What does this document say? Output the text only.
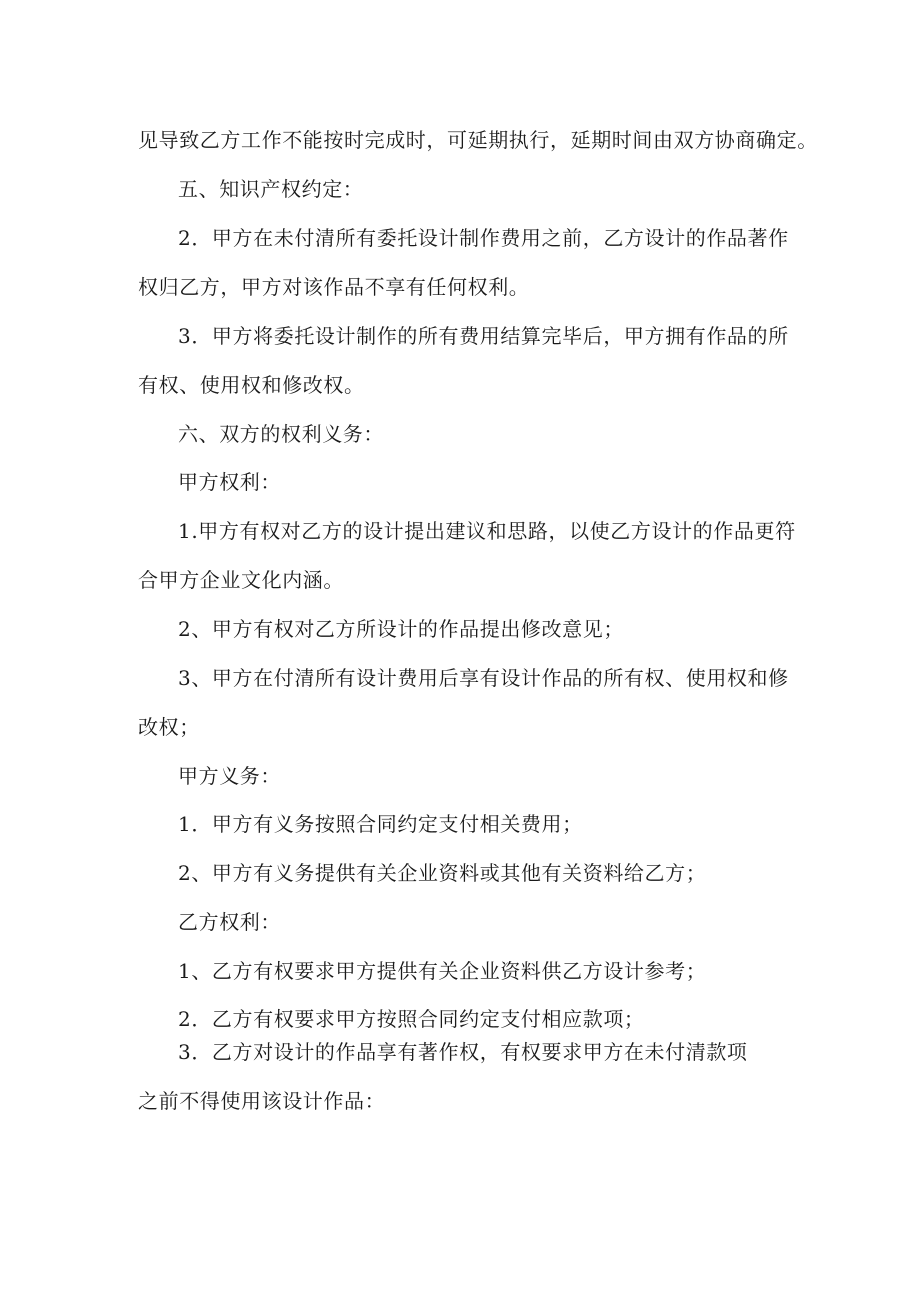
见导致乙方工作不能按时完成时，可延期执行，延期时间由双方协商确定。
五、知识产权约定：
2．甲方在未付清所有委托设计制作费用之前，乙方设计的作品著作
权归乙方，甲方对该作品不享有任何权利。
3．甲方将委托设计制作的所有费用结算完毕后，甲方拥有作品的所
有权、使用权和修改权。
六、双方的权利义务：
甲方权利：
1.甲方有权对乙方的设计提出建议和思路，以使乙方设计的作品更符
合甲方企业文化内涵。
2、甲方有权对乙方所设计的作品提出修改意见；
3、甲方在付清所有设计费用后享有设计作品的所有权、使用权和修
改权；
甲方义务：
1．甲方有义务按照合同约定支付相关费用；
2、甲方有义务提供有关企业资料或其他有关资料给乙方；
乙方权利：
1、乙方有权要求甲方提供有关企业资料供乙方设计参考；
2．乙方有权要求甲方按照合同约定支付相应款项；
3．乙方对设计的作品享有著作权，有权要求甲方在未付清款项
之前不得使用该设计作品：
